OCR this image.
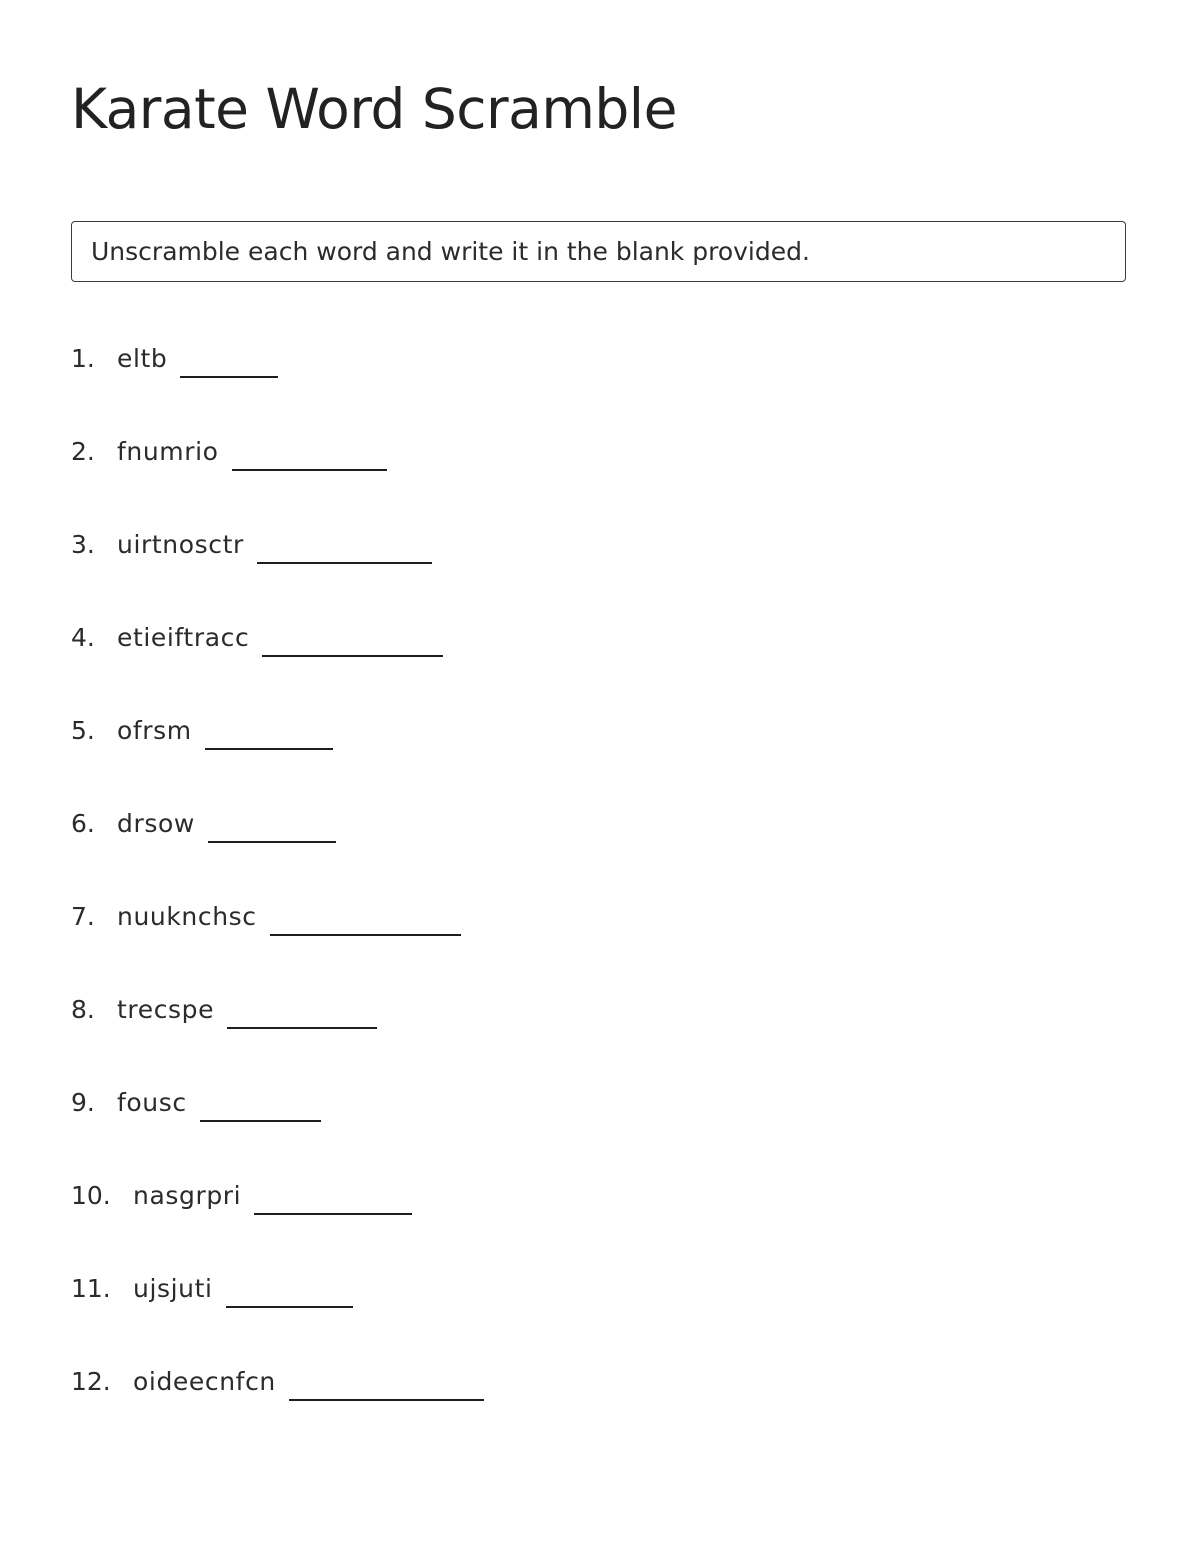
Karate Word Scramble
Unscramble each word and write it in the blank provided.
1. eltb
2. fnumrio
3. uirtnosctr
4. etieiftracc
5. ofrsm
6. drsow
7. nuuknchsc
8. trecspe
9. fousc
10. nasgrpri
11. ujsjuti
12. oideecnfcn
